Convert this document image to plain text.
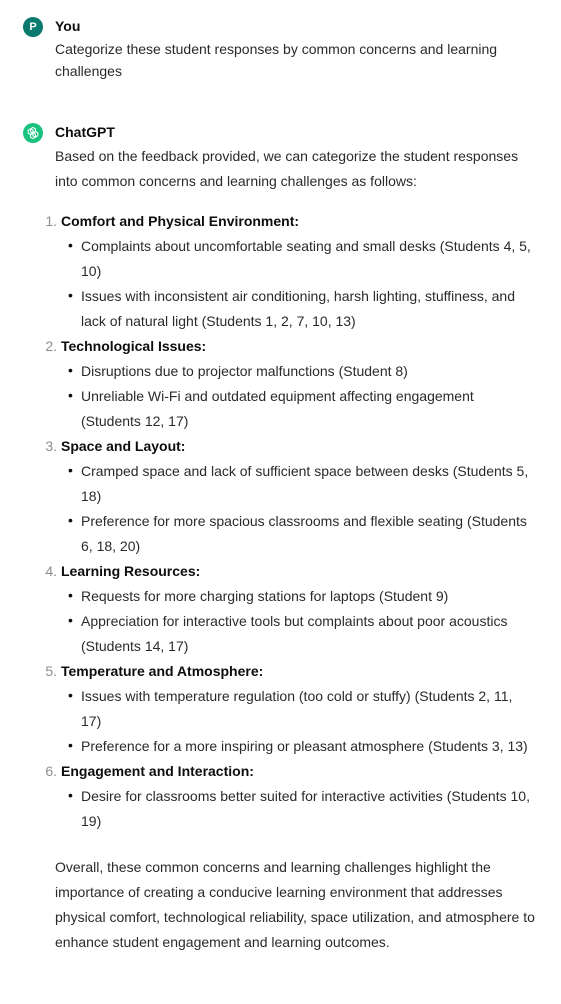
P You
Categorize these student responses by common concerns and learning challenges
ChatGPT

Based on the feedback provided, we can categorize the student responses into common concerns and learning challenges as follows:

1. Comfort and Physical Environment:
• Complaints about uncomfortable seating and small desks (Students 4, 5, 10)
• Issues with inconsistent air conditioning, harsh lighting, stuffiness, and lack of natural light (Students 1, 2, 7, 10, 13)
2. Technological Issues:
• Disruptions due to projector malfunctions (Student 8)
• Unreliable Wi-Fi and outdated equipment affecting engagement (Students 12, 17)
3. Space and Layout:
• Cramped space and lack of sufficient space between desks (Students 5, 18)
• Preference for more spacious classrooms and flexible seating (Students 6, 18, 20)
4. Learning Resources:
• Requests for more charging stations for laptops (Student 9)
• Appreciation for interactive tools but complaints about poor acoustics (Students 14, 17)
5. Temperature and Atmosphere:
• Issues with temperature regulation (too cold or stuffy) (Students 2, 11, 17)
• Preference for a more inspiring or pleasant atmosphere (Students 3, 13)
6. Engagement and Interaction:
• Desire for classrooms better suited for interactive activities (Students 10, 19)

Overall, these common concerns and learning challenges highlight the importance of creating a conducive learning environment that addresses physical comfort, technological reliability, space utilization, and atmosphere to enhance student engagement and learning outcomes.
